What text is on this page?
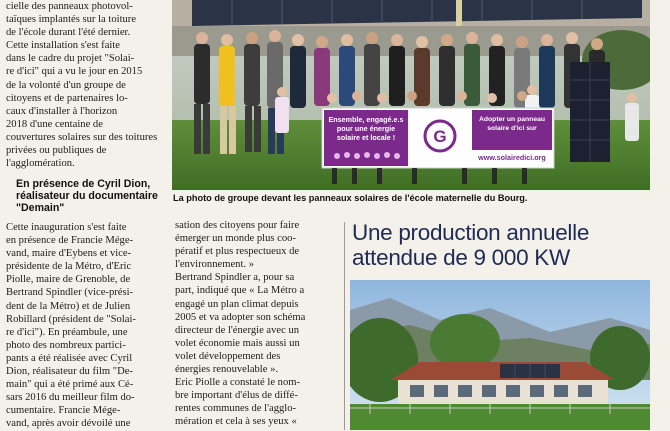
cielle des panneaux photovol-

taïques implantés sur la toiture

de l'école durant l'été dernier.

Cette installation s'est faite

dans le cadre du projet "Solai-

re d'ici" qui a vu le jour en 2015

de la volonté d'un groupe de

citoyens et de partenaires lo-

caux d'installer à l'horizon

2018 d'une centaine de

couvertures solaires sur des toitures

privées ou publiques de

l'agglomération.

En présence de Cyril Dion,
réalisateur du documentaire
"Demain"

Cette inauguration s'est faite

en présence de Francie Mége-

vand, maire d'Eybens et vice-

présidente de la Métro, d'Eric

Piolle, maire de Grenoble, de

Bertrand Spindler (vice-prési-

dent de la Métro) et de Julien

Robillard (président de "Solai-

re d'ici"). En préambule, une

photo des nombreux partici-

pants a été réalisée avec Cyril

Dion, réalisateur du film "De-

main" qui a été primé aux Cé-

sars 2016 du meilleur film do-

cumentaire. Francie Mége-

vand, après avoir dévoilé une

Ensemble, engagé.e.s
pour une énergie
solaire et locale ! G
Adopter un panneau
solaire d'ici sur
www.solairedici.org
La photo de groupe devant les panneaux solaires de l'école maternelle du Bourg.

sation des citoyens pour faire

émerger un monde plus coo-

pératif et plus respectueux de

l'environnement. »

Bertrand Spindler a, pour sa

part, indiqué que « La Métro a

engagé un plan climat depuis

2005 et va adopter son schéma

directeur de l'énergie avec un

volet économie mais aussi un

volet développement des

énergies renouvelable ».

Eric Piolle a constaté le nom-

bre important d'élus de diffé-

rentes communes de l'agglo-

mération et cela à ses yeux «

Une production annuelle
attendue de 9 000 KW
